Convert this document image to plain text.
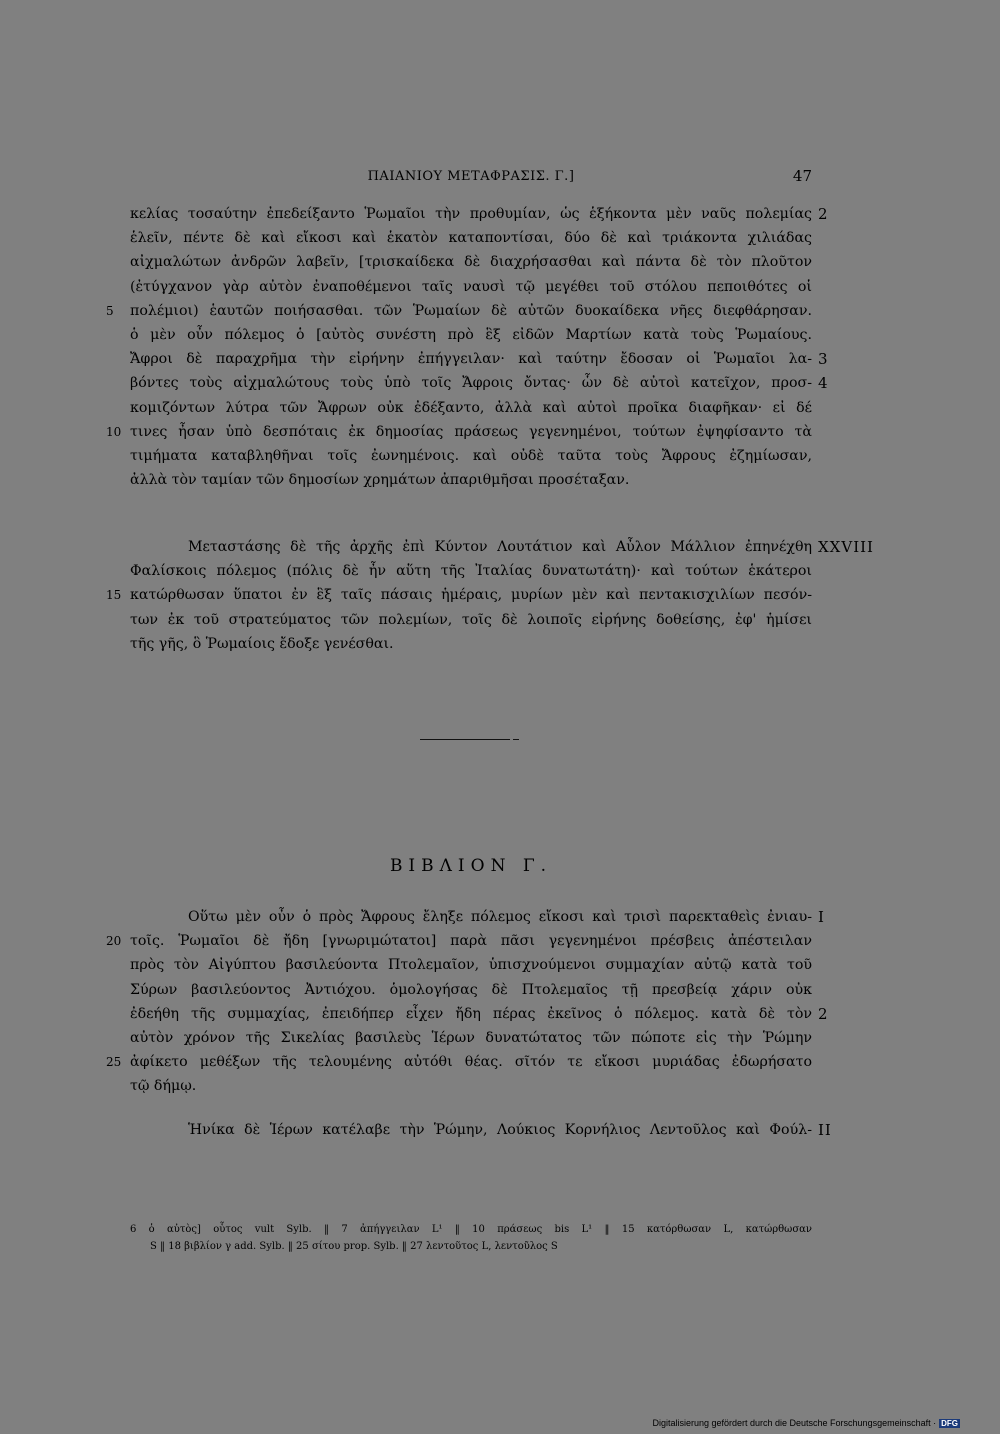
ΠΑΙΑΝΙΟΥ ΜΕΤΑΦΡΑΣΙΣ. Γ.]	47
κελίας τοσαύτην ἐπεδείξαντο Ῥωμαῖοι τὴν προθυμίαν, ὡς ἑξήκοντα μὲν ναῦς πολεμίας 2
ἑλεῖν, πέντε δὲ καὶ εἴκοσι καὶ ἑκατὸν καταποντίσαι, δύο δὲ καὶ τριάκοντα χιλιάδας
αἰχμαλώτων ἀνδρῶν λαβεῖν, [τρισκαίδεκα δὲ διαχρήσασθαι καὶ πάντα δὲ τὸν πλοῦτον
(ἐτύγχανον γὰρ αὐτὸν ἐναποθέμενοι ταῖς ναυσὶ τῷ μεγέθει τοῦ στόλου πεποιθότες οἱ
πολέμιοι) ἑαυτῶν ποιήσασθαι. τῶν Ῥωμαίων δὲ αὐτῶν δυοκαίδεκα νῆες διεφθάρησαν.
5
ὁ μὲν οὖν πόλεμος ὁ [αὐτὸς συνέστη πρὸ ἓξ εἰδῶν Μαρτίων κατὰ τοὺς Ῥωμαίους.
Ἄφροι δὲ παραχρῆμα τὴν εἰρήνην ἐπήγγειλαν· καὶ ταύτην ἔδοσαν οἱ Ῥωμαῖοι λα- 3
βόντες τοὺς αἰχμαλώτους τοὺς ὑπὸ τοῖς Ἄφροις ὄντας· ὧν δὲ αὐτοὶ κατεῖχον, προσ- 4
κομιζόντων λύτρα τῶν Ἄφρων οὐκ ἐδέξαντο, ἀλλὰ καὶ αὐτοὶ προῖκα διαφῆκαν· εἰ δέ
τινες ἦσαν ὑπὸ δεσπόταις ἐκ δημοσίας πράσεως γεγενημένοι, τούτων ἐψηφίσαντο τὰ
10
τιμήματα καταβληθῆναι τοῖς ἐωνημένοις. καὶ οὐδὲ ταῦτα τοὺς Ἄφρους ἐζημίωσαν,
ἀλλὰ τὸν ταμίαν τῶν δημοσίων χρημάτων ἀπαριθμῆσαι προσέταξαν.
Μεταστάσης δὲ τῆς ἀρχῆς ἐπὶ Κύντον Λουτάτιον καὶ Αὖλον Μάλλιον ἐπηνέχθη XXVIII
Φαλίσκοις πόλεμος (πόλις δὲ ἦν αὕτη τῆς Ἰταλίας δυνατωτάτη)· καὶ τούτων ἑκάτεροι
κατώρθωσαν ὕπατοι ἐν ἓξ ταῖς πάσαις ἡμέραις, μυρίων μὲν καὶ πεντακισχιλίων πεσόν-
15
των ἐκ τοῦ στρατεύματος τῶν πολεμίων, τοῖς δὲ λοιποῖς εἰρήνης δοθείσης, ἐφ' ἡμίσει
τῆς γῆς, ὃ Ῥωμαίοις ἔδοξε γενέσθαι.
ΒΙΒΛΙΟΝ Γ.
Οὕτω μὲν οὖν ὁ πρὸς Ἄφρους ἔληξε πόλεμος εἴκοσι καὶ τρισὶ παρεκταθεὶς ἐνιαυ- I
τοῖς. Ῥωμαῖοι δὲ ἤδη [γνωριμώτατοι] παρὰ πᾶσι γεγενημένοι πρέσβεις ἀπέστειλαν
20
πρὸς τὸν Αἰγύπτου βασιλεύοντα Πτολεμαῖον, ὑπισχνούμενοι συμμαχίαν αὐτῷ κατὰ τοῦ
Σύρων βασιλεύοντος Ἀντιόχου. ὁμολογήσας δὲ Πτολεμαῖος τῇ πρεσβείᾳ χάριν οὐκ
ἐδεήθη τῆς συμμαχίας, ἐπειδήπερ εἶχεν ἤδη πέρας ἐκεῖνος ὁ πόλεμος. κατὰ δὲ τὸν 2
αὐτὸν χρόνον τῆς Σικελίας βασιλεὺς Ἱέρων δυνατώτατος τῶν πώποτε εἰς τὴν Ῥώμην
ἀφίκετο μεθέξων τῆς τελουμένης αὐτόθι θέας. σῖτόν τε εἴκοσι μυριάδας ἐδωρήσατο
25
τῷ δήμῳ.
Ἡνίκα δὲ Ἱέρων κατέλαβε τὴν Ῥώμην, Λούκιος Κορνήλιος Λεντοῦλος καὶ Φούλ- II
6 ὁ αὐτὸς] οὗτος vult Sylb. ‖ 7 ἀπήγγειλαν L¹ ‖ 10 πράσεως bis L¹ ‖ 15 κατόρθωσαν L, κατώρθωσαν
S ‖ 18 βιβλίον γ add. Sylb. ‖ 25 σίτου prop. Sylb. ‖ 27 λεντοῦτος L, λεντοῦλος S
Digitalisierung gefördert durch die Deutsche Forschungsgemeinschaft · DFG
